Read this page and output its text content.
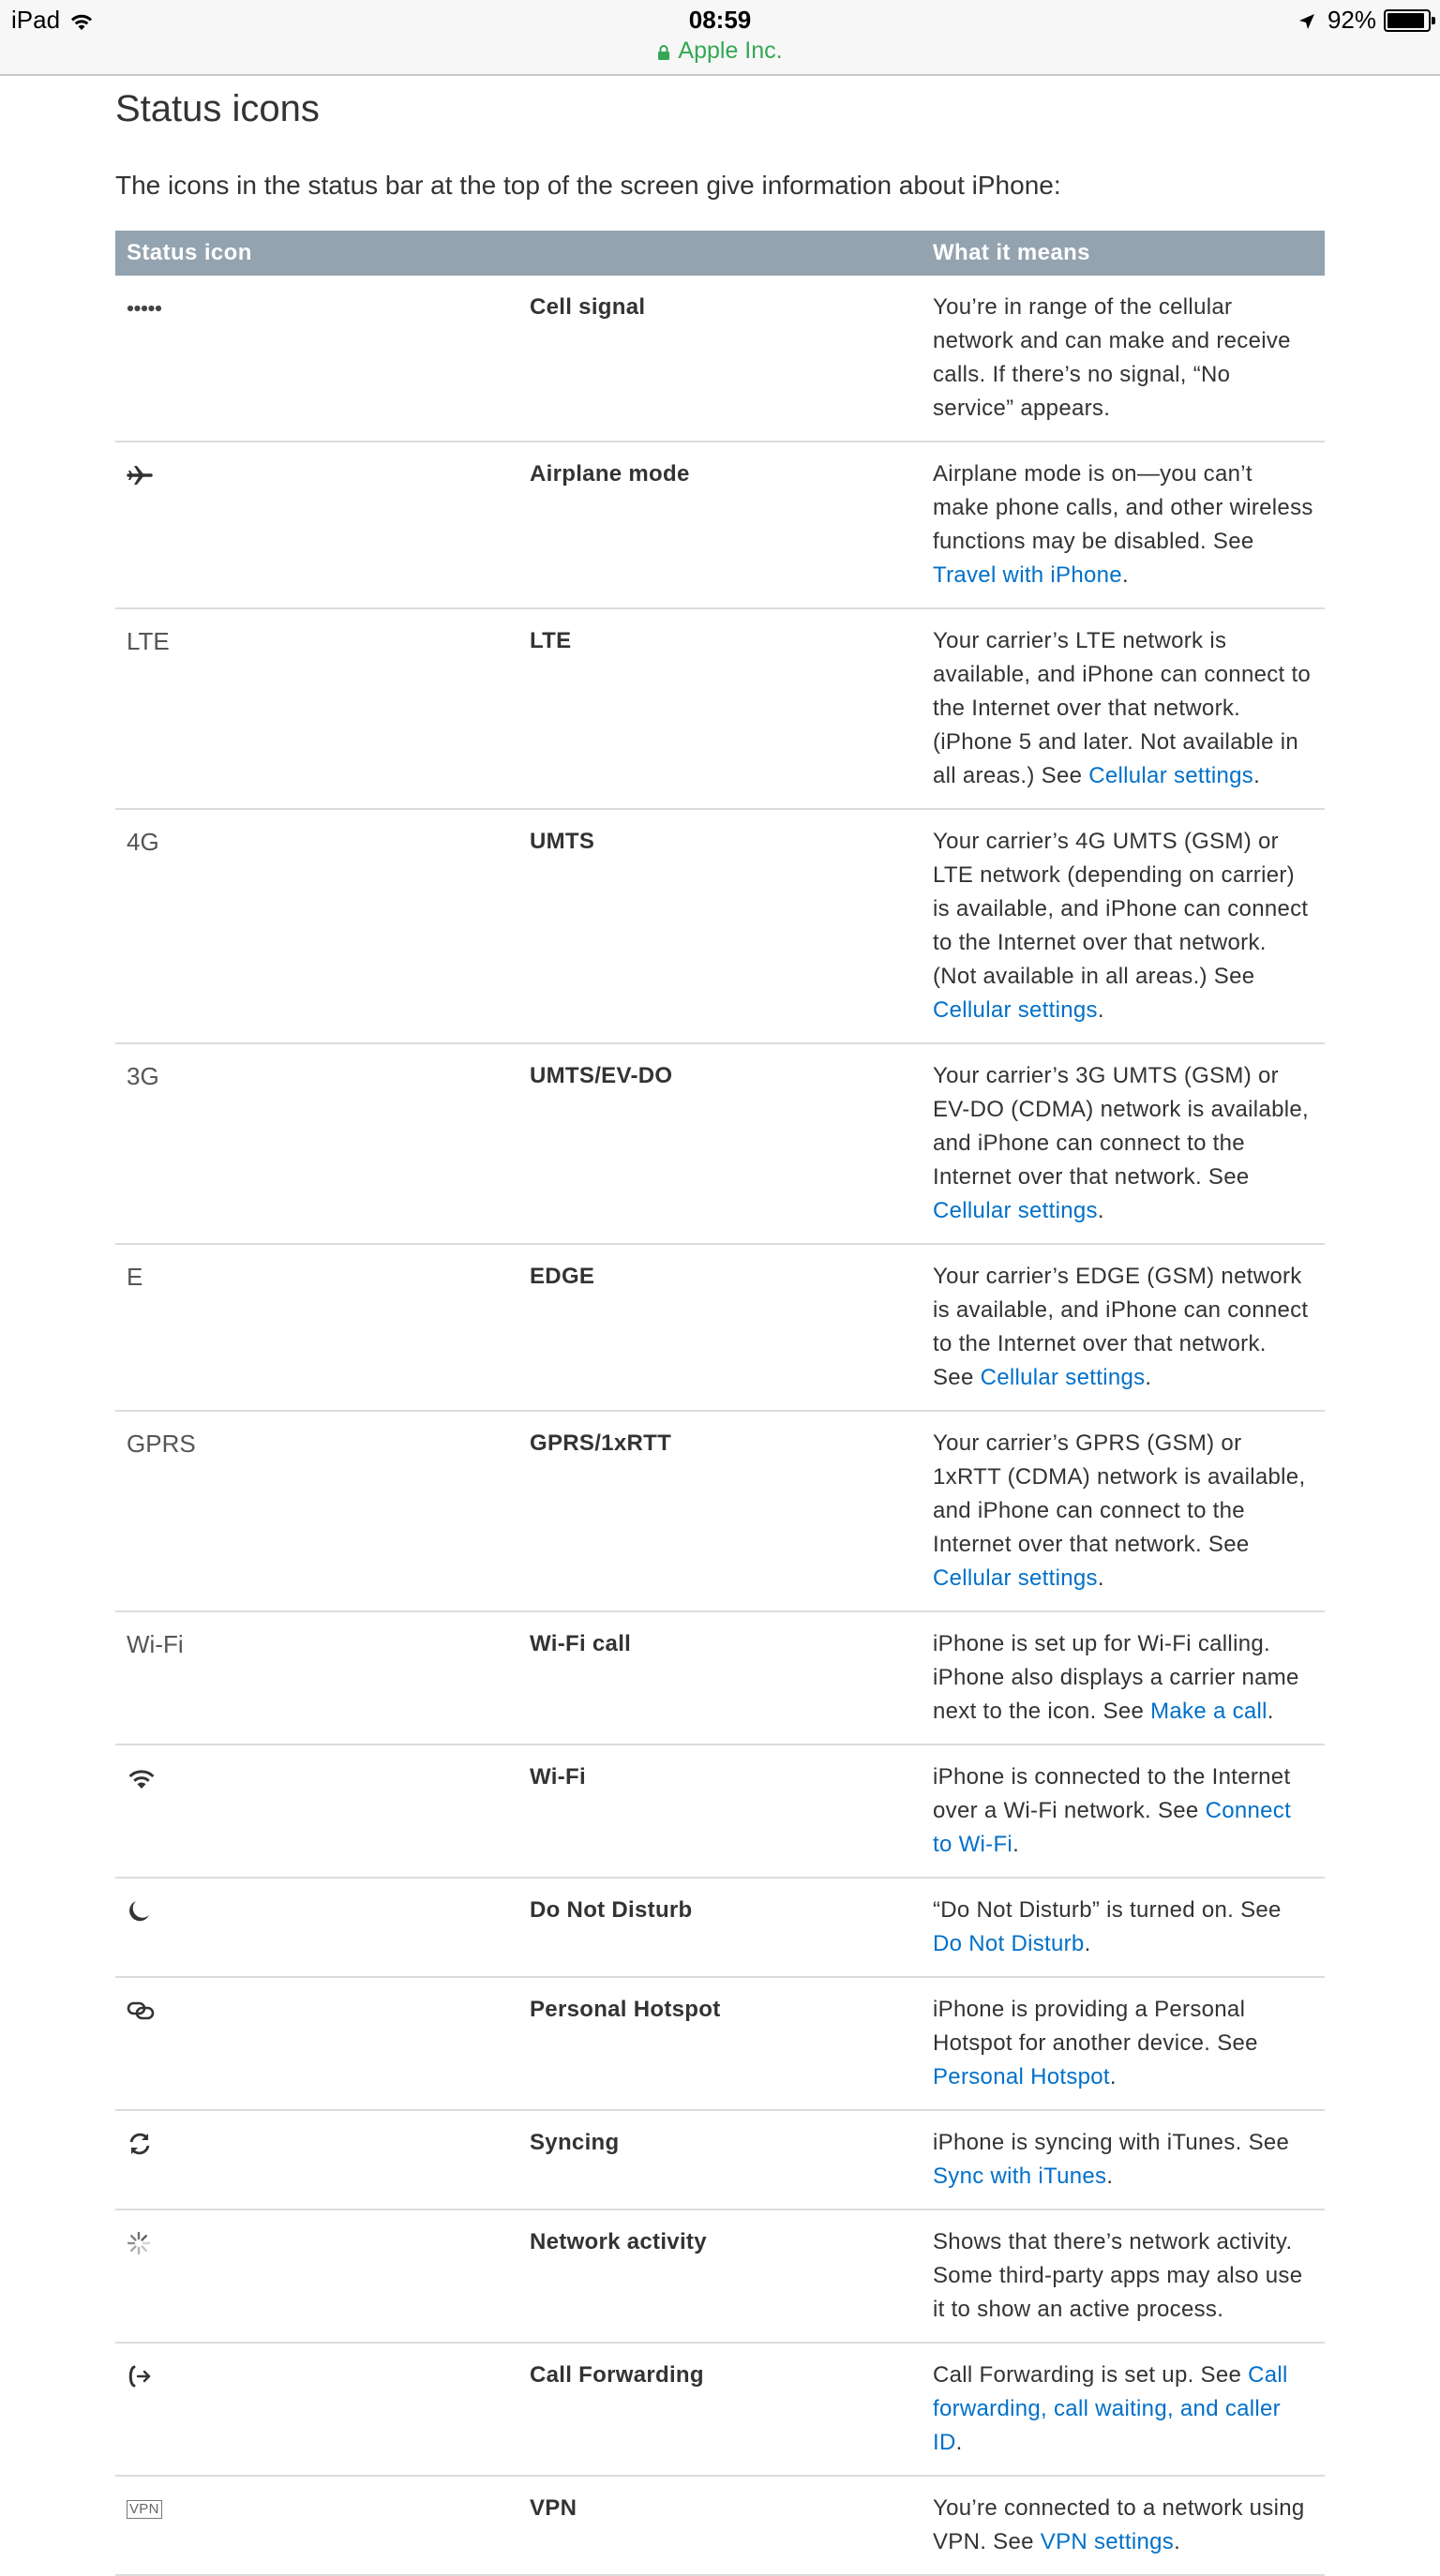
iPad	08:59
Apple Inc.
92%
Status icons

The icons in the status bar at the top of the screen give information about iPhone:

Status icon		What it means
	Cell signal	You’re in range of the cellular network and can make and receive calls. If there’s no signal, “No service” appears.
	Airplane mode	Airplane mode is on—you can’t make phone calls, and other wireless functions may be disabled. See Travel with iPhone.
LTE	LTE	Your carrier’s LTE network is available, and iPhone can connect to the Internet over that network. (iPhone 5 and later. Not available in all areas.) See Cellular settings.
4G	UMTS	Your carrier’s 4G UMTS (GSM) or LTE network (depending on carrier) is available, and iPhone can connect to the Internet over that network. (Not available in all areas.) See Cellular settings.
3G	UMTS/EV-DO	Your carrier’s 3G UMTS (GSM) or EV-DO (CDMA) network is available, and iPhone can connect to the Internet over that network. See Cellular settings.
E	EDGE	Your carrier’s EDGE (GSM) network is available, and iPhone can connect to the Internet over that network. See Cellular settings.
GPRS	GPRS/1xRTT	Your carrier’s GPRS (GSM) or 1xRTT (CDMA) network is available, and iPhone can connect to the Internet over that network. See Cellular settings.
Wi-Fi	Wi-Fi call	iPhone is set up for Wi-Fi calling. iPhone also displays a carrier name next to the icon. See Make a call.
	Wi-Fi	iPhone is connected to the Internet over a Wi-Fi network. See Connect to Wi-Fi.
	Do Not Disturb	“Do Not Disturb” is turned on. See Do Not Disturb.
	Personal Hotspot	iPhone is providing a Personal Hotspot for another device. See Personal Hotspot.
	Syncing	iPhone is syncing with iTunes. See Sync with iTunes.
	Network activity	Shows that there’s network activity. Some third-party apps may also use it to show an active process.
	Call Forwarding	Call Forwarding is set up. See Call forwarding, call waiting, and caller ID.
VPN	VPN	You’re connected to a network using VPN. See VPN settings.
